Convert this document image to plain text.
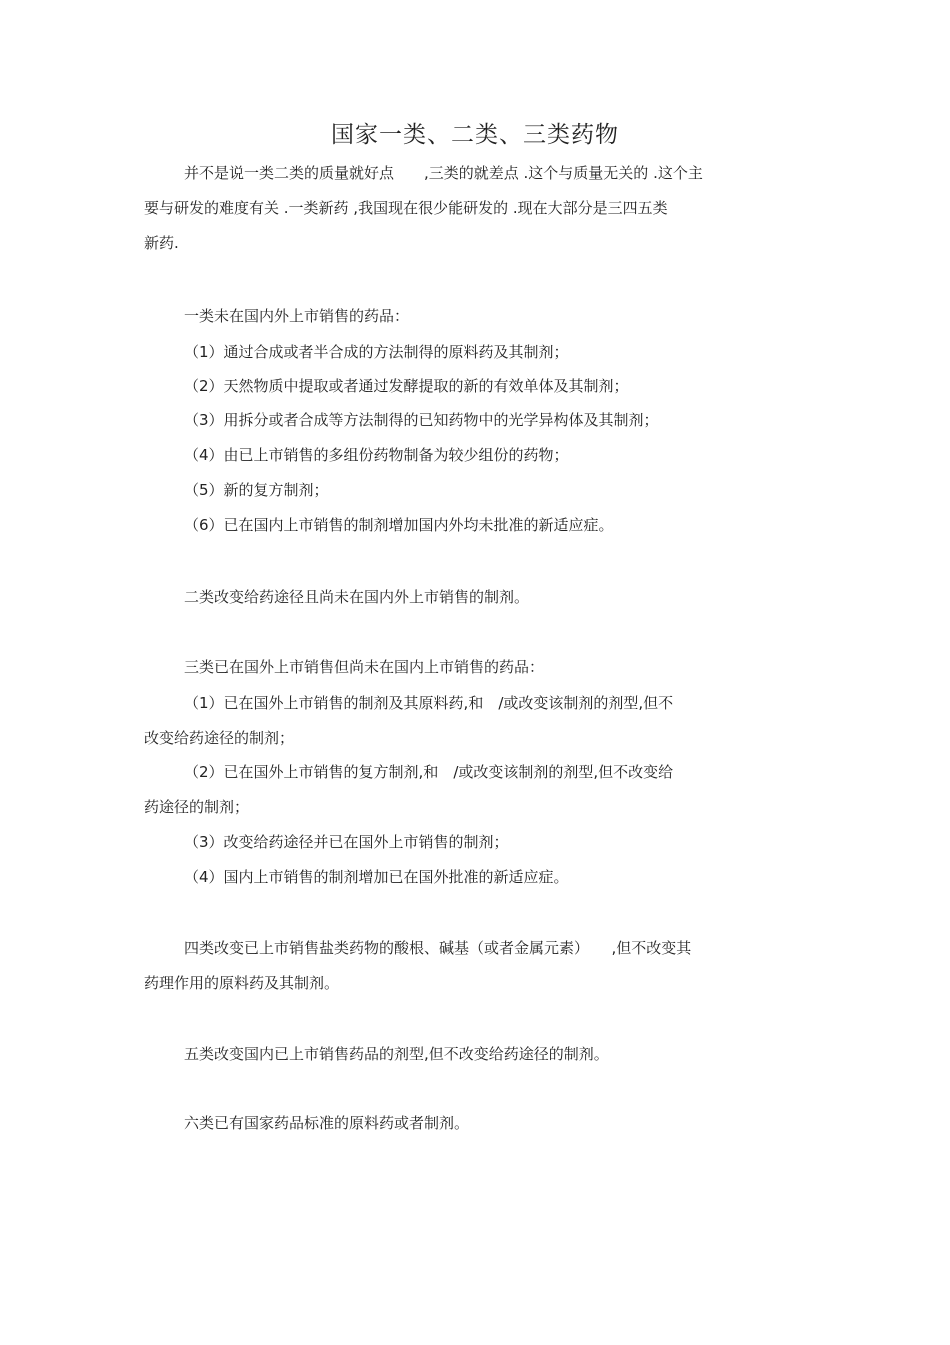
国家一类、二类、三类药物
并不是说一类二类的质量就好点　　,三类的就差点 .这个与质量无关的 .这个主
要与研发的难度有关 .一类新药 ,我国现在很少能研发的 .现在大部分是三四五类
新药.
一类未在国内外上市销售的药品：
（1）通过合成或者半合成的方法制得的原料药及其制剂；
（2）天然物质中提取或者通过发酵提取的新的有效单体及其制剂；
（3）用拆分或者合成等方法制得的已知药物中的光学异构体及其制剂；
（4）由已上市销售的多组份药物制备为较少组份的药物；
（5）新的复方制剂；
（6）已在国内上市销售的制剂增加国内外均未批准的新适应症。
二类改变给药途径且尚未在国内外上市销售的制剂。
三类已在国外上市销售但尚未在国内上市销售的药品：
（1）已在国外上市销售的制剂及其原料药,和　/或改变该制剂的剂型,但不
改变给药途径的制剂；
（2）已在国外上市销售的复方制剂,和　/或改变该制剂的剂型,但不改变给
药途径的制剂；
（3）改变给药途径并已在国外上市销售的制剂；
（4）国内上市销售的制剂增加已在国外批准的新适应症。
四类改变已上市销售盐类药物的酸根、碱基（或者金属元素）　　,但不改变其
药理作用的原料药及其制剂。
五类改变国内已上市销售药品的剂型,但不改变给药途径的制剂。
六类已有国家药品标准的原料药或者制剂。
